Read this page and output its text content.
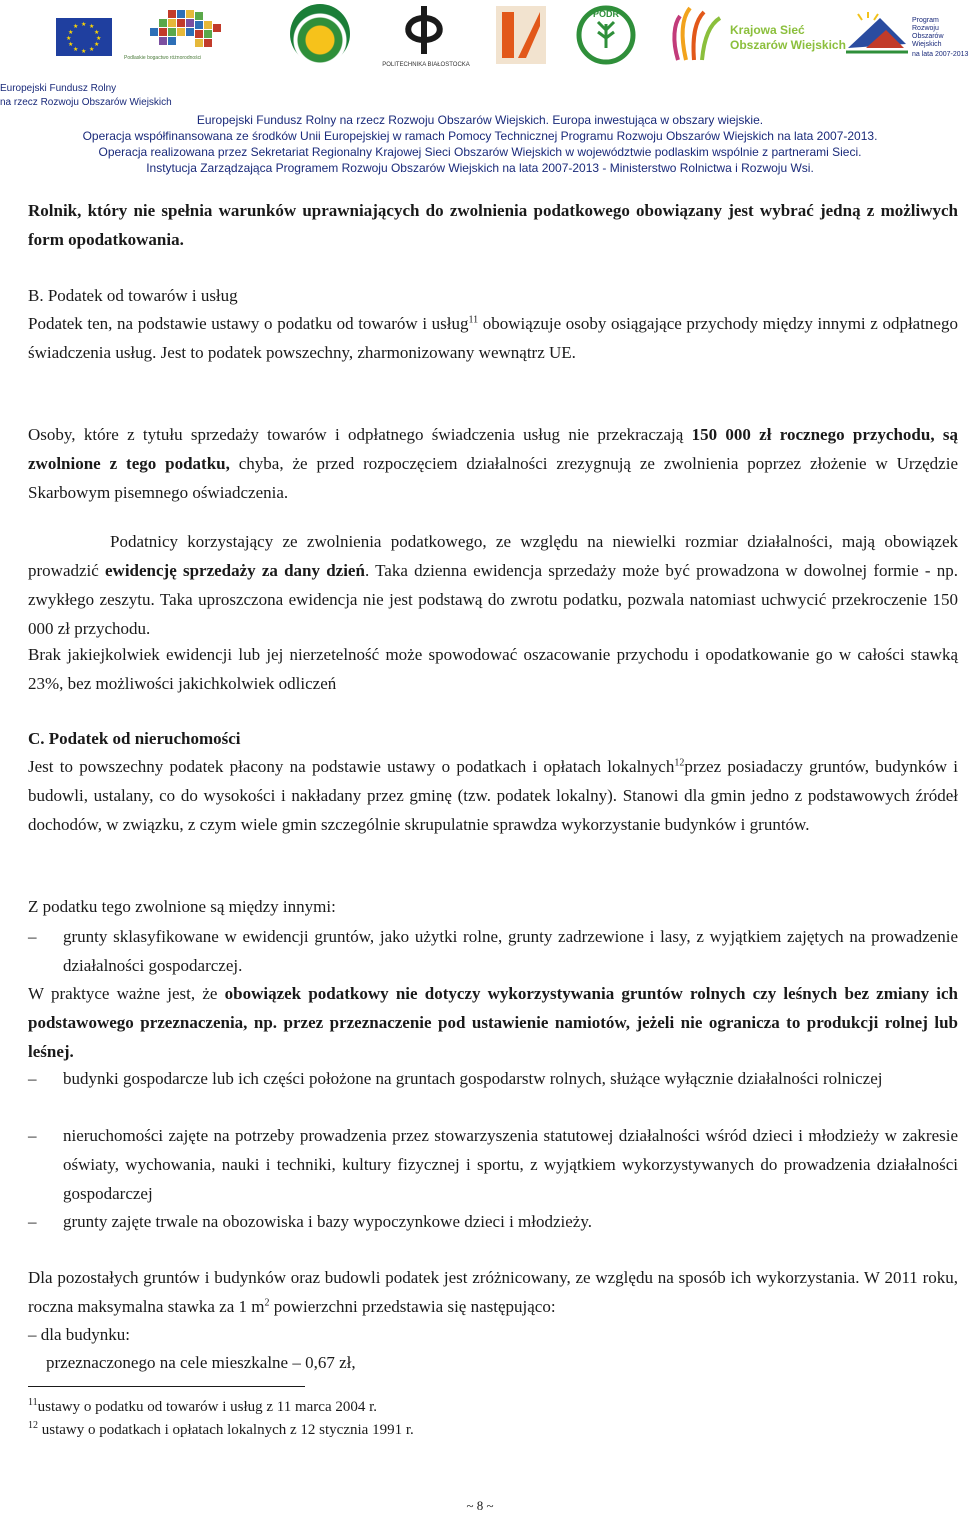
★ ★
★
★
★
★
★
★
★
★
★
★
Podlaskie bogactwo różnorodności
POLITECHNIKA BIAŁOSTOCKA
PODR
Krajowa Sieć
Obszarów Wiejskich
Program
Rozwoju
Obszarów
Wiejskich
na lata 2007-2013
Europejski Fundusz Rolny
na rzecz Rozwoju Obszarów Wiejskich
Europejski Fundusz Rolny na rzecz Rozwoju Obszarów Wiejskich. Europa inwestująca w obszary wiejskie.
Operacja współfinansowana ze środków Unii Europejskiej w ramach Pomocy Technicznej Programu Rozwoju Obszarów Wiejskich na lata 2007-2013.
Operacja realizowana przez Sekretariat Regionalny Krajowej Sieci Obszarów Wiejskich w województwie podlaskim wspólnie z partnerami Sieci.
Instytucja Zarządzająca Programem Rozwoju Obszarów Wiejskich na lata 2007-2013 - Ministerstwo Rolnictwa i Rozwoju Wsi.
Rolnik, który nie spełnia warunków uprawniających do zwolnienia podatkowego obowiązany jest wybrać jedną z możliwych form opodatkowania.
B. Podatek od towarów i usług
Podatek ten, na podstawie ustawy o podatku od towarów i usług$^{11}$ obowiązuje osoby osiągające przychody między innymi z odpłatnego świadczenia usług. Jest to podatek powszechny, zharmonizowany wewnątrz UE.
Osoby, które z tytułu sprzedaży towarów i odpłatnego świadczenia usług nie przekraczają 150 000 zł rocznego przychodu, są zwolnione z tego podatku, chyba, że przed rozpoczęciem działalności zrezygnują ze zwolnienia poprzez złożenie w Urzędzie Skarbowym pisemnego oświadczenia.
Podatnicy korzystający ze zwolnienia podatkowego, ze względu na niewielki rozmiar działalności, mają obowiązek prowadzić ewidencję sprzedaży za dany dzień. Taka dzienna ewidencja sprzedaży może być prowadzona w dowolnej formie - np. zwykłego zeszytu. Taka uproszczona ewidencja nie jest podstawą do zwrotu podatku, pozwala natomiast uchwycić przekroczenie 150 000 zł przychodu.
Brak jakiejkolwiek ewidencji lub jej nierzetelność może spowodować oszacowanie przychodu i opodatkowanie go w całości stawką 23%, bez możliwości jakichkolwiek odliczeń
C. Podatek od nieruchomości
Jest to powszechny podatek płacony na podstawie ustawy o podatkach i opłatach lokalnych$^{12}$przez posiadaczy gruntów, budynków i budowli, ustalany, co do wysokości i nakładany przez gminę (tzw. podatek lokalny). Stanowi dla gmin jedno z podstawowych źródeł dochodów, w związku, z czym wiele gmin szczególnie skrupulatnie sprawdza wykorzystanie budynków i gruntów.
Z podatku tego zwolnione są między innymi:
–	grunty sklasyfikowane w ewidencji gruntów, jako użytki rolne, grunty zadrzewione i lasy, z wyjątkiem zajętych na prowadzenie działalności gospodarczej.
W praktyce ważne jest, że obowiązek podatkowy nie dotyczy wykorzystywania gruntów rolnych czy leśnych bez zmiany ich podstawowego przeznaczenia, np. przez przeznaczenie pod ustawienie namiotów, jeżeli nie ogranicza to produkcji rolnej lub leśnej.
–	budynki gospodarcze lub ich części położone na gruntach gospodarstw rolnych, służące wyłącznie działalności rolniczej
–	nieruchomości zajęte na potrzeby prowadzenia przez stowarzyszenia statutowej działalności wśród dzieci i młodzieży w zakresie oświaty, wychowania, nauki i techniki, kultury fizycznej i sportu, z wyjątkiem wykorzystywanych do prowadzenia działalności gospodarczej
–	grunty zajęte trwale na obozowiska i bazy wypoczynkowe dzieci i młodzieży.
Dla pozostałych gruntów i budynków oraz budowli podatek jest zróżnicowany, ze względu na sposób ich wykorzystania. W 2011 roku, roczna maksymalna stawka za 1 $m^2$ powierzchni przedstawia się następująco:
– dla budynku:
przeznaczonego na cele mieszkalne – 0,67 zł,
$^{11}$ustawy o podatku od towarów i usług z 11 marca 2004 r.
$^{12}$ ustawy o podatkach i opłatach lokalnych z 12 stycznia 1991 r.
~ 8 ~
